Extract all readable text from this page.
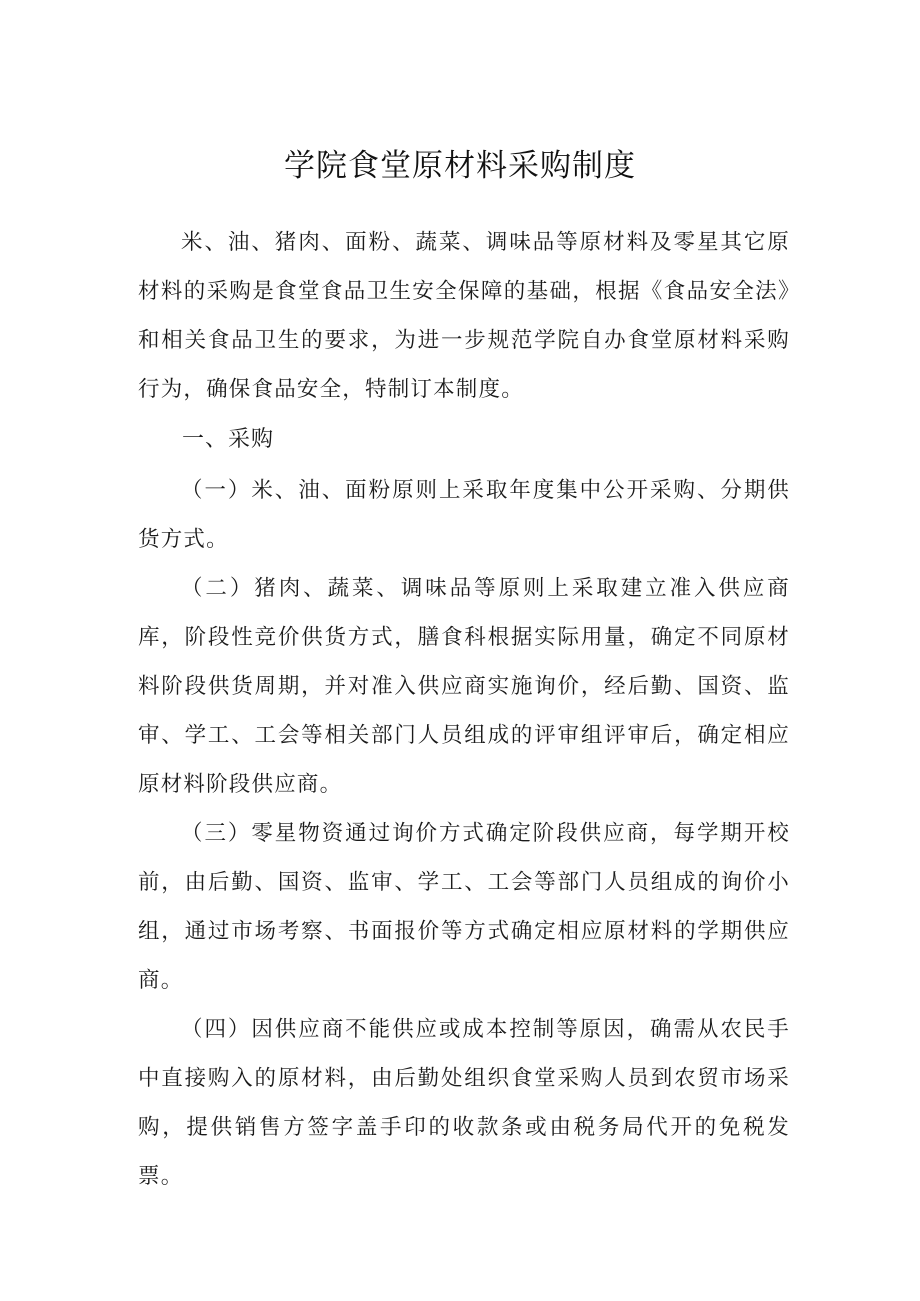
学院食堂原材料采购制度

米、油、猪肉、面粉、蔬菜、调味品等原材料及零星其它原材料的采购是食堂食品卫生安全保障的基础，根据《食品安全法》和相关食品卫生的要求，为进一步规范学院自办食堂原材料采购行为，确保食品安全，特制订本制度。

一、采购

（一）米、油、面粉原则上采取年度集中公开采购、分期供货方式。

（二）猪肉、蔬菜、调味品等原则上采取建立准入供应商库，阶段性竞价供货方式，膳食科根据实际用量，确定不同原材料阶段供货周期，并对准入供应商实施询价，经后勤、国资、监审、学工、工会等相关部门人员组成的评审组评审后，确定相应原材料阶段供应商。

（三）零星物资通过询价方式确定阶段供应商，每学期开校前，由后勤、国资、监审、学工、工会等部门人员组成的询价小组，通过市场考察、书面报价等方式确定相应原材料的学期供应商。

（四）因供应商不能供应或成本控制等原因，确需从农民手中直接购入的原材料，由后勤处组织食堂采购人员到农贸市场采购，提供销售方签字盖手印的收款条或由税务局代开的免税发票。
